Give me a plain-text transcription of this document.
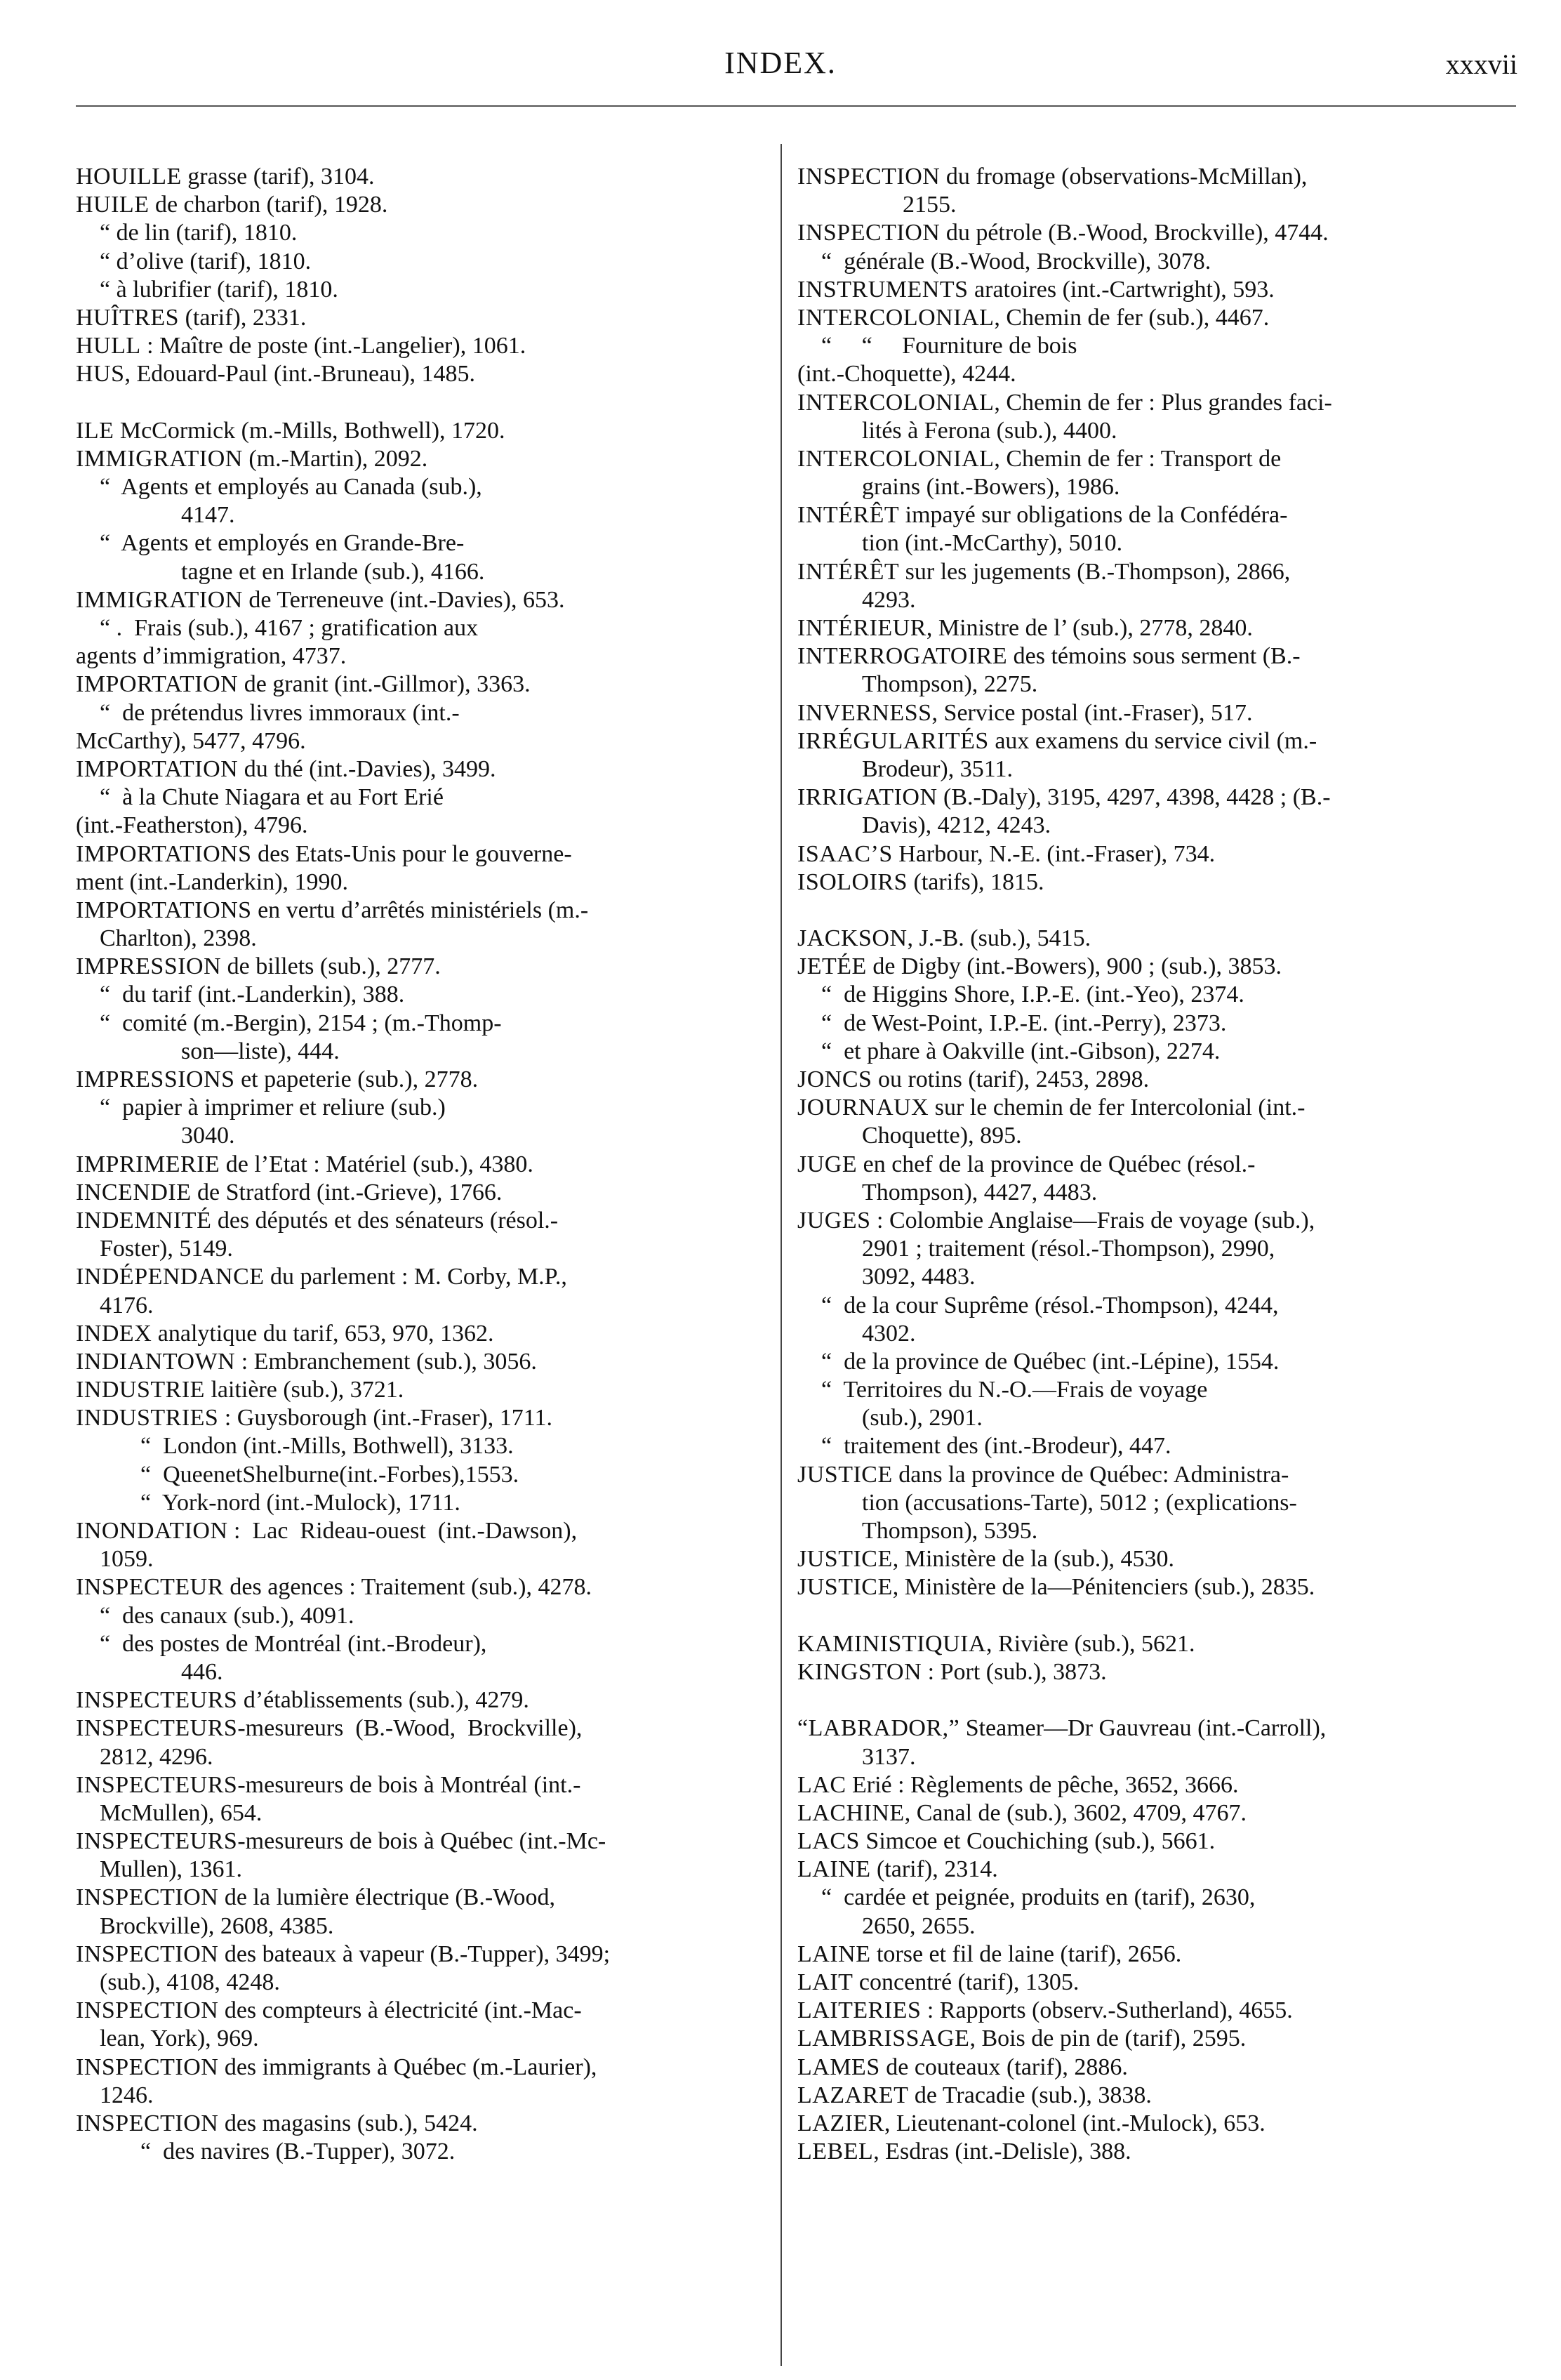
INDEX.	xxxvii
HOUILLE grasse (tarif), 3104.
HUILE de charbon (tarif), 1928.
“ de lin (tarif), 1810.
“ d’olive (tarif), 1810.
“ à lubrifier (tarif), 1810.
HUÎTRES (tarif), 2331.
HULL : Maître de poste (int.-Langelier), 1061.
HUS, Edouard-Paul (int.-Bruneau), 1485.
ILE McCormick (m.-Mills, Bothwell), 1720.
IMMIGRATION (m.-Martin), 2092.
“  Agents et employés au Canada (sub.),
4147.
“  Agents et employés en Grande-Bre-
tagne et en Irlande (sub.), 4166.
IMMIGRATION de Terreneuve (int.-Davies), 653.
“ .  Frais (sub.), 4167 ; gratification aux
agents d’immigration, 4737.
IMPORTATION de granit (int.-Gillmor), 3363.
“  de prétendus livres immoraux (int.-
McCarthy), 5477, 4796.
IMPORTATION du thé (int.-Davies), 3499.
“  à la Chute Niagara et au Fort Erié
(int.-Featherston), 4796.
IMPORTATIONS des Etats-Unis pour le gouverne-
ment (int.-Landerkin), 1990.
IMPORTATIONS en vertu d’arrêtés ministériels (m.-
Charlton), 2398.
IMPRESSION de billets (sub.), 2777.
“  du tarif (int.-Landerkin), 388.
“  comité (m.-Bergin), 2154 ; (m.-Thomp-
son—liste), 444.
IMPRESSIONS et papeterie (sub.), 2778.
“  papier à imprimer et reliure (sub.)
3040.
IMPRIMERIE de l’Etat : Matériel (sub.), 4380.
INCENDIE de Stratford (int.-Grieve), 1766.
INDEMNITÉ des députés et des sénateurs (résol.-
Foster), 5149.
INDÉPENDANCE du parlement : M. Corby, M.P.,
4176.
INDEX analytique du tarif, 653, 970, 1362.
INDIANTOWN : Embranchement (sub.), 3056.
INDUSTRIE laitière (sub.), 3721.
INDUSTRIES : Guysborough (int.-Fraser), 1711.
“  London (int.-Mills, Bothwell), 3133.
“  QueenetShelburne(int.-Forbes),1553.
“  York-nord (int.-Mulock), 1711.
INONDATION :  Lac  Rideau-ouest  (int.-Dawson),
1059.
INSPECTEUR des agences : Traitement (sub.), 4278.
“  des canaux (sub.), 4091.
“  des postes de Montréal (int.-Brodeur),
446.
INSPECTEURS d’établissements (sub.), 4279.
INSPECTEURS-mesureurs  (B.-Wood,  Brockville),
2812, 4296.
INSPECTEURS-mesureurs de bois à Montréal (int.-
McMullen), 654.
INSPECTEURS-mesureurs de bois à Québec (int.-Mc-
Mullen), 1361.
INSPECTION de la lumière électrique (B.-Wood,
Brockville), 2608, 4385.
INSPECTION des bateaux à vapeur (B.-Tupper), 3499;
(sub.), 4108, 4248.
INSPECTION des compteurs à électricité (int.-Mac-
lean, York), 969.
INSPECTION des immigrants à Québec (m.-Laurier),
1246.
INSPECTION des magasins (sub.), 5424.
“  des navires (B.-Tupper), 3072.
INSPECTION du fromage (observations-McMillan),
2155.
INSPECTION du pétrole (B.-Wood, Brockville), 4744.
“  générale (B.-Wood, Brockville), 3078.
INSTRUMENTS aratoires (int.-Cartwright), 593.
INTERCOLONIAL, Chemin de fer (sub.), 4467.
“     “     Fourniture de bois
(int.-Choquette), 4244.
INTERCOLONIAL, Chemin de fer : Plus grandes faci-
lités à Ferona (sub.), 4400.
INTERCOLONIAL, Chemin de fer : Transport de
grains (int.-Bowers), 1986.
INTÉRÊT impayé sur obligations de la Confédéra-
tion (int.-McCarthy), 5010.
INTÉRÊT sur les jugements (B.-Thompson), 2866,
4293.
INTÉRIEUR, Ministre de l’ (sub.), 2778, 2840.
INTERROGATOIRE des témoins sous serment (B.-
Thompson), 2275.
INVERNESS, Service postal (int.-Fraser), 517.
IRRÉGULARITÉS aux examens du service civil (m.-
Brodeur), 3511.
IRRIGATION (B.-Daly), 3195, 4297, 4398, 4428 ; (B.-
Davis), 4212, 4243.
ISAAC’S Harbour, N.-E. (int.-Fraser), 734.
ISOLOIRS (tarifs), 1815.
JACKSON, J.-B. (sub.), 5415.
JETÉE de Digby (int.-Bowers), 900 ; (sub.), 3853.
“  de Higgins Shore, I.P.-E. (int.-Yeo), 2374.
“  de West-Point, I.P.-E. (int.-Perry), 2373.
“  et phare à Oakville (int.-Gibson), 2274.
JONCS ou rotins (tarif), 2453, 2898.
JOURNAUX sur le chemin de fer Intercolonial (int.-
Choquette), 895.
JUGE en chef de la province de Québec (résol.-
Thompson), 4427, 4483.
JUGES : Colombie Anglaise—Frais de voyage (sub.),
2901 ; traitement (résol.-Thompson), 2990,
3092, 4483.
“  de la cour Suprême (résol.-Thompson), 4244,
4302.
“  de la province de Québec (int.-Lépine), 1554.
“  Territoires du N.-O.—Frais de voyage
(sub.), 2901.
“  traitement des (int.-Brodeur), 447.
JUSTICE dans la province de Québec: Administra-
tion (accusations-Tarte), 5012 ; (explications-
Thompson), 5395.
JUSTICE, Ministère de la (sub.), 4530.
JUSTICE, Ministère de la—Pénitenciers (sub.), 2835.
KAMINISTIQUIA, Rivière (sub.), 5621.
KINGSTON : Port (sub.), 3873.
“LABRADOR,” Steamer—Dr Gauvreau (int.-Carroll),
3137.
LAC Erié : Règlements de pêche, 3652, 3666.
LACHINE, Canal de (sub.), 3602, 4709, 4767.
LACS Simcoe et Couchiching (sub.), 5661.
LAINE (tarif), 2314.
“  cardée et peignée, produits en (tarif), 2630,
2650, 2655.
LAINE torse et fil de laine (tarif), 2656.
LAIT concentré (tarif), 1305.
LAITERIES : Rapports (observ.-Sutherland), 4655.
LAMBRISSAGE, Bois de pin de (tarif), 2595.
LAMES de couteaux (tarif), 2886.
LAZARET de Tracadie (sub.), 3838.
LAZIER, Lieutenant-colonel (int.-Mulock), 653.
LEBEL, Esdras (int.-Delisle), 388.
